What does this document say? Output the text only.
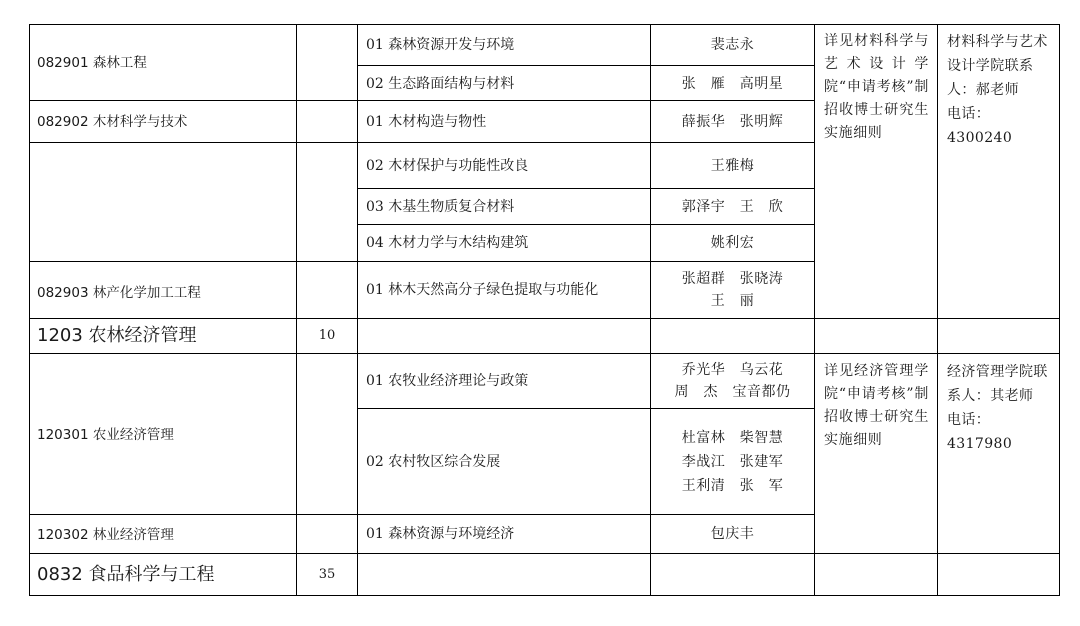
082901 森林工程
082902 木材科学与技术
082903 林产化学加工工程
1203 农林经济管理
120301 农业经济管理
120302 林业经济管理
0832 食品科学与工程
10
35
01 森林资源开发与环境
02 生态路面结构与材料
01 木材构造与物性
02 木材保护与功能性改良
03 木基生物质复合材料
04 木材力学与木结构建筑
01 林木天然高分子绿色提取与功能化
01 农牧业经济理论与政策
02 农村牧区综合发展
01 森林资源与环境经济
裴志永
张　雁　高明星
薛振华　张明辉
王雅梅
郭泽宇　王　欣
姚利宏
张超群　张晓涛
王　丽
乔光华　乌云花
周　杰　宝音都仍
杜富林　柴智慧
李战江　张建军
王利清　张　军
包庆丰
详见材料科学与艺术设计学院“申请考核”制招收博士研究生实施细则
详见经济管理学院“申请考核”制招收博士研究生实施细则
材料科学与艺术设计学院联系人：郝老师
电话：4300240
经济管理学院联系人：其老师
电话：4317980
